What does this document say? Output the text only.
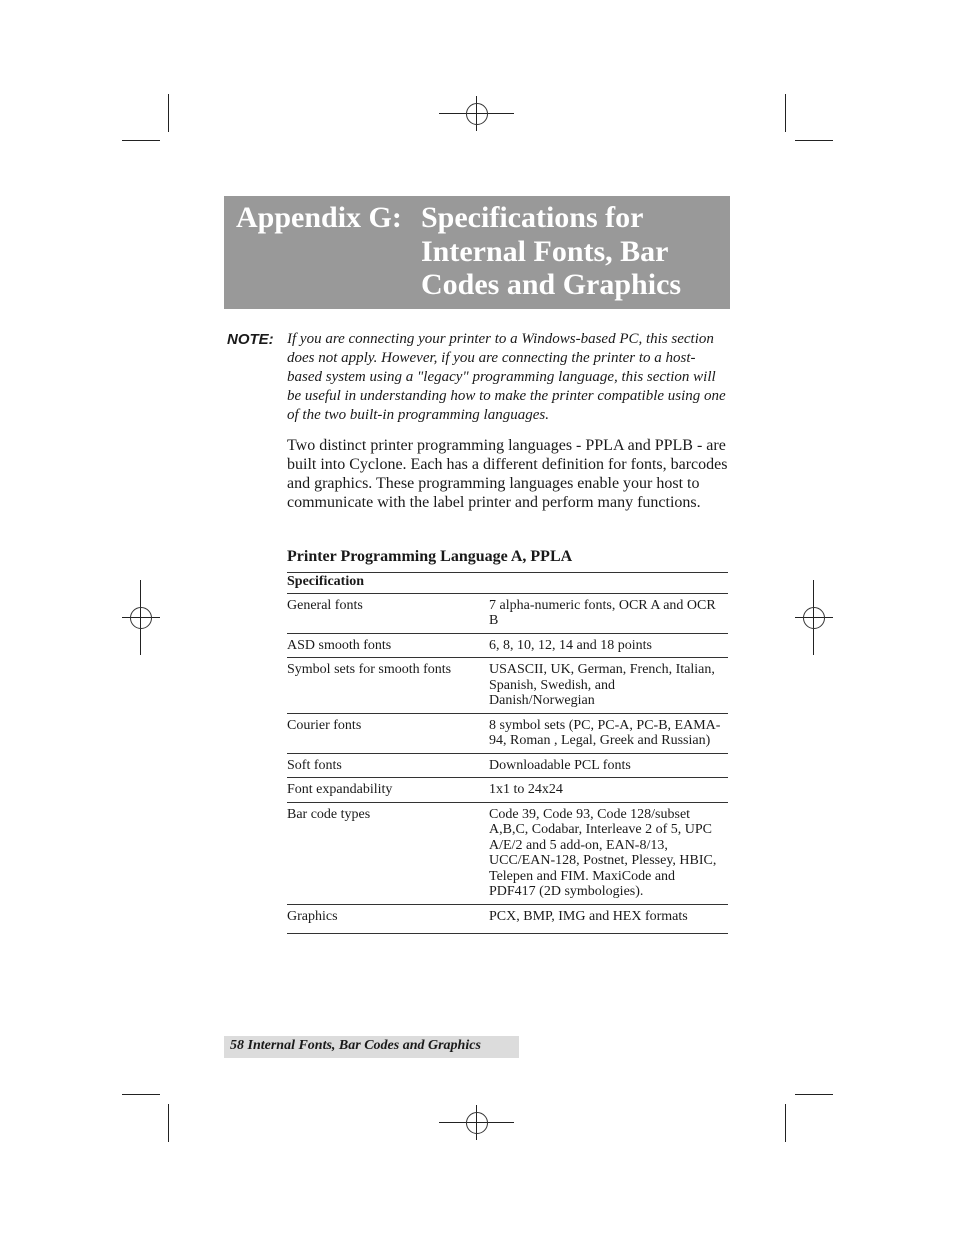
Appendix G: Specifications for Internal Fonts, Bar Codes and Graphics
NOTE: If you are connecting your printer to a Windows-based PC, this section does not apply. However, if you are connecting the printer to a host-based system using a "legacy" programming language, this section will be useful in understanding how to make the printer compatible using one of the two built-in programming languages.
Two distinct printer programming languages - PPLA and PPLB - are built into Cyclone. Each has a different definition for fonts, barcodes and graphics. These programming languages enable your host to communicate with the label printer and perform many functions.
Printer Programming Language A, PPLA
Specification	
General fonts	7 alpha-numeric fonts, OCR A and OCR B
ASD smooth fonts	6, 8, 10, 12, 14 and 18 points
Symbol sets for smooth fonts	USASCII, UK, German, French, Italian, Spanish, Swedish, and Danish/Norwegian
Courier fonts	8 symbol sets (PC, PC-A, PC-B, EAMA-94, Roman , Legal, Greek and Russian)
Soft fonts	Downloadable PCL fonts
Font expandability	1x1 to 24x24
Bar code types	Code 39, Code 93, Code 128/subset A,B,C, Codabar, Interleave 2 of 5, UPC A/E/2 and 5 add-on, EAN-8/13, UCC/EAN-128, Postnet, Plessey, HBIC, Telepen and FIM. MaxiCode and PDF417 (2D symbologies).
Graphics	PCX, BMP, IMG and HEX formats
58 Internal Fonts, Bar Codes and Graphics
